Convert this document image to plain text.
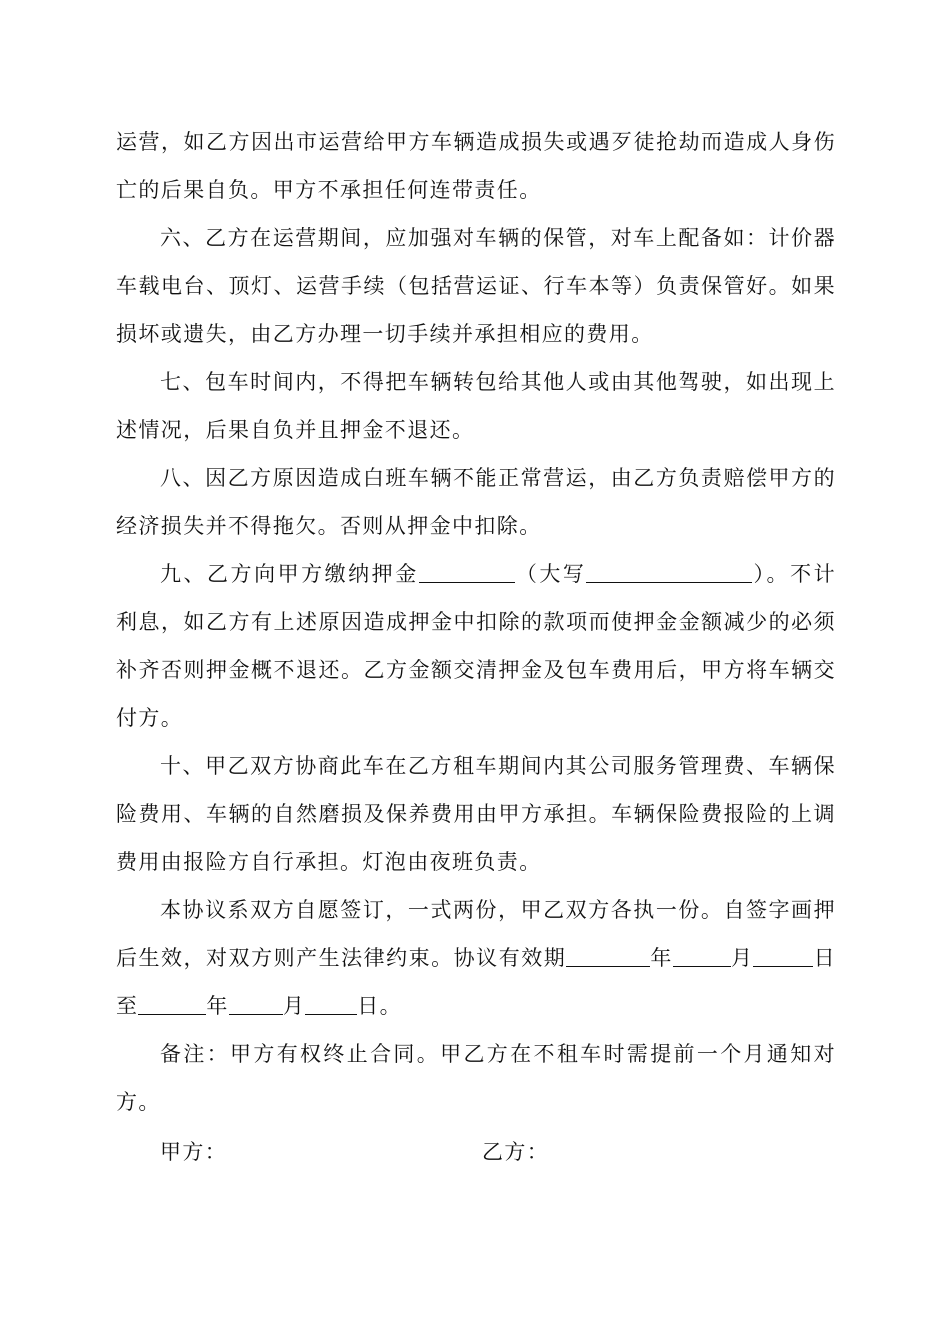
运营，如乙方因出市运营给甲方车辆造成损失或遇歹徒抢劫而造成人身伤亡的后果自负。甲方不承担任何连带责任。

六、乙方在运营期间，应加强对车辆的保管，对车上配备如：计价器车载电台、顶灯、运营手续（包括营运证、行车本等）负责保管好。如果损坏或遗失，由乙方办理一切手续并承担相应的费用。

七、包车时间内，不得把车辆转包给其他人或由其他驾驶，如出现上述情况，后果自负并且押金不退还。

八、因乙方原因造成白班车辆不能正常营运，由乙方负责赔偿甲方的经济损失并不得拖欠。否则从押金中扣除。

九、乙方向甲方缴纳押金	（大写	）。不计利息，如乙方有上述原因造成押金中扣除的款项而使押金金额减少的必须补齐否则押金概不退还。乙方金额交清押金及包车费用后，甲方将车辆交付方。

十、甲乙双方协商此车在乙方租车期间内其公司服务管理费、车辆保险费用、车辆的自然磨损及保养费用由甲方承担。车辆保险费报险的上调费用由报险方自行承担。灯泡由夜班负责。

本协议系双方自愿签订，一式两份，甲乙双方各执一份。自签字画押后生效，对双方则产生法律约束。协议有效期	年	月	日至	年	月 日。

备注：甲方有权终止合同。甲乙方在不租车时需提前一个月通知对方。

甲方：	乙方：
